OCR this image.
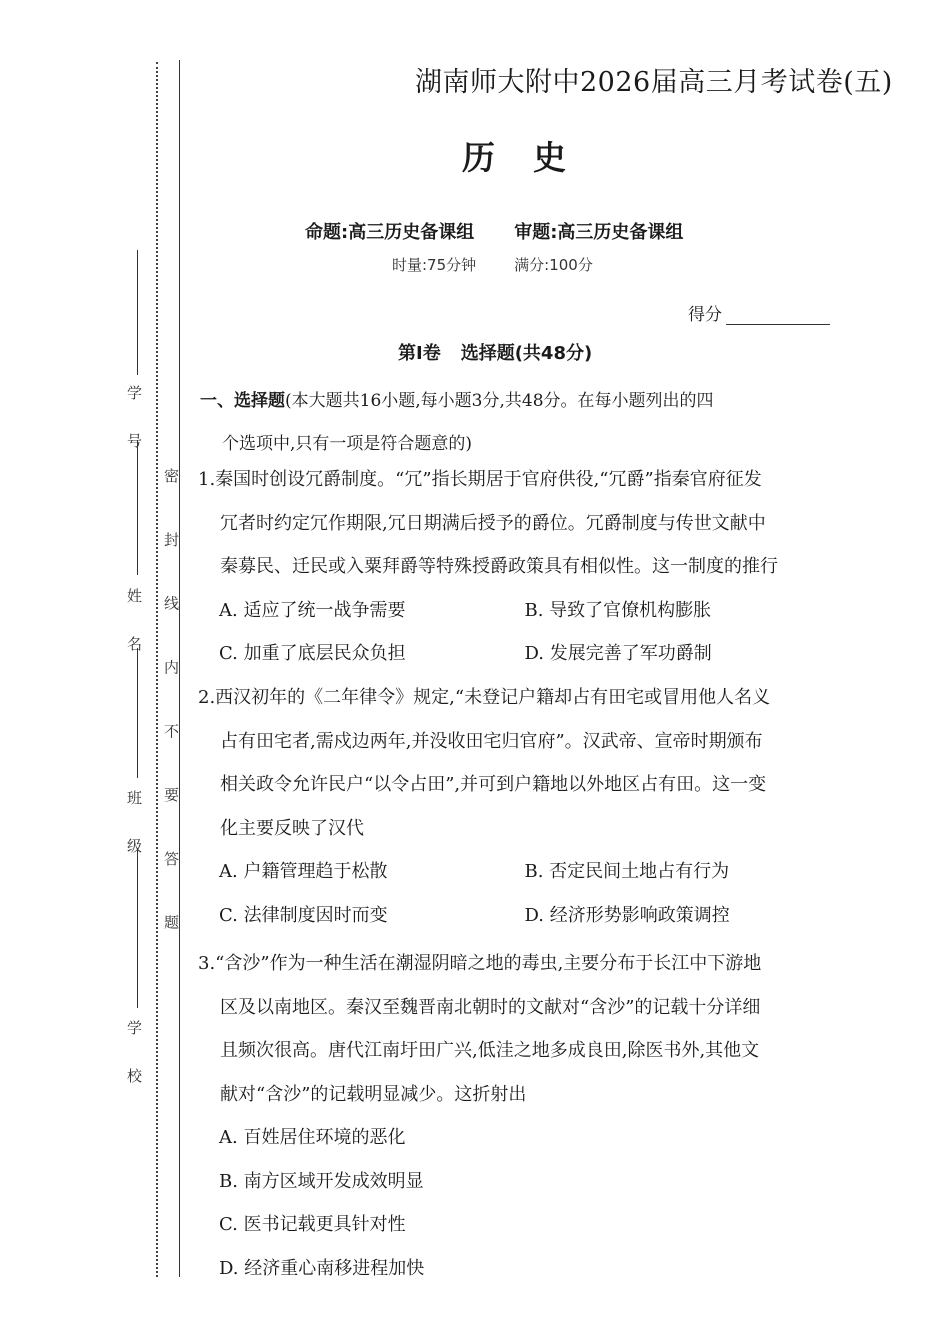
学 号
姓 名
班 级
学 校
密 封 线 内 不 要 答 题
湖南师大附中2026届高三月考试卷(五)
历史
命题:高三历史备课组 审题:高三历史备课组
时量:75分钟	满分:100分
得分
第Ⅰ卷 选择题(共48分)
一、选择题(本大题共16小题,每小题3分,共48分。在每小题列出的四
个选项中,只有一项是符合题意的)
1.秦国时创设冗爵制度。“冗”指长期居于官府供役,“冗爵”指秦官府征发
冗者时约定冗作期限,冗日期满后授予的爵位。冗爵制度与传世文献中
秦募民、迁民或入粟拜爵等特殊授爵政策具有相似性。这一制度的推行
A. 适应了统一战争需要	B. 导致了官僚机构膨胀
C. 加重了底层民众负担	D. 发展完善了军功爵制
2.西汉初年的《二年律令》规定,“未登记户籍却占有田宅或冒用他人名义
占有田宅者,需戍边两年,并没收田宅归官府”。汉武帝、宣帝时期颁布
相关政令允许民户“以令占田”,并可到户籍地以外地区占有田。这一变
化主要反映了汉代
A. 户籍管理趋于松散	B. 否定民间土地占有行为
C. 法律制度因时而变	D. 经济形势影响政策调控
3.“含沙”作为一种生活在潮湿阴暗之地的毒虫,主要分布于长江中下游地
区及以南地区。秦汉至魏晋南北朝时的文献对“含沙”的记载十分详细
且频次很高。唐代江南圩田广兴,低洼之地多成良田,除医书外,其他文
献对“含沙”的记载明显减少。这折射出
A. 百姓居住环境的恶化
B. 南方区域开发成效明显
C. 医书记载更具针对性
D. 经济重心南移进程加快
